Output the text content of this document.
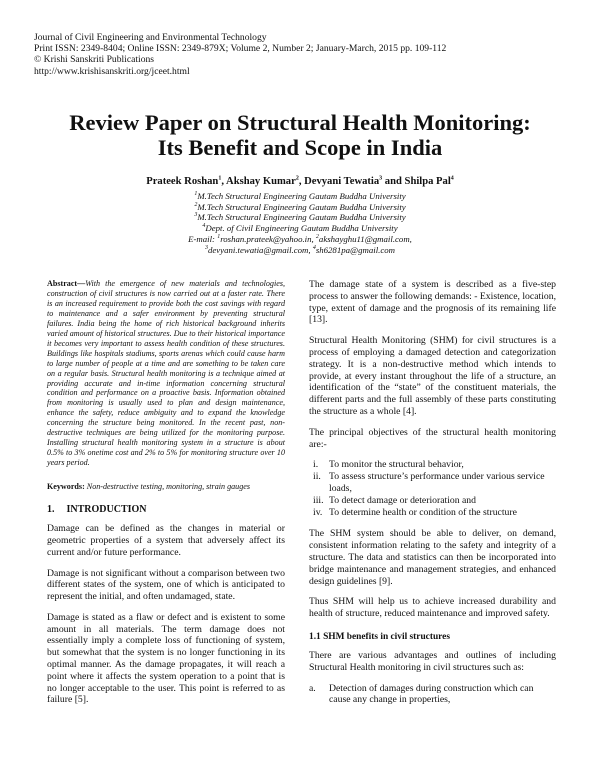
Journal of Civil Engineering and Environmental Technology
Print ISSN: 2349-8404; Online ISSN: 2349-879X; Volume 2, Number 2; January-March, 2015 pp. 109-112
© Krishi Sanskriti Publications
http://www.krishisanskriti.org/jceet.html
Review Paper on Structural Health Monitoring:
Its Benefit and Scope in India
Prateek Roshan$^1$, Akshay Kumar$^2$, Devyani Tewatia$^3$ and Shilpa Pal$^4$
$^1$M.Tech Structural Engineering Gautam Buddha University
$^2$M.Tech Structural Engineering Gautam Buddha University
$^3$M.Tech Structural Engineering Gautam Buddha University
$^4$Dept. of Civil Engineering Gautam Buddha University
E-mail: $^1$roshan.prateek@yahoo.in, $^2$akshayghu11@gmail.com,
$^3$devyani.tewatia@gmail.com, $^4$sh6281pa@gmail.com
Abstract—With the emergence of new materials and technologies, construction of civil structures is now carried out at a faster rate. There is an increased requirement to provide both the cost savings with regard to maintenance and a safer environment by preventing structural failures. India being the home of rich historical background inherits varied amount of historical structures. Due to their historical importance it becomes very important to assess health condition of these structures. Buildings like hospitals stadiums, sports arenas which could cause harm to large number of people at a time and are something to be taken care on a regular basis. Structural health monitoring is a technique aimed at providing accurate and in-time information concerning structural condition and performance on a proactive basis. Information obtained from monitoring is usually used to plan and design maintenance, enhance the safety, reduce ambiguity and to expand the knowledge concerning the structure being monitored. In the recent past, non-destructive techniques are being utilized for the monitoring purpose. Installing structural health monitoring system in a structure is about 0.5% to 3% onetime cost and 2% to 5% for monitoring structure over 10 years period.
Keywords: Non-destructive testing, monitoring, strain gauges
1. INTRODUCTION

Damage can be defined as the changes in material or geometric properties of a system that adversely affect its current and/or future performance.

Damage is not significant without a comparison between two different states of the system, one of which is anticipated to represent the initial, and often undamaged, state.

Damage is stated as a flaw or defect and is existent to some amount in all materials. The term damage does not essentially imply a complete loss of functioning of system, but somewhat that the system is no longer functioning in its optimal manner. As the damage propagates, it will reach a point where it affects the system operation to a point that is no longer acceptable to the user. This point is referred to as failure [5].

The damage state of a system is described as a five-step process to answer the following demands: - Existence, location, type, extent of damage and the prognosis of its remaining life [13].

Structural Health Monitoring (SHM) for civil structures is a process of employing a damaged detection and categorization strategy. It is a non-destructive method which intends to provide, at every instant throughout the life of a structure, an identification of the “state” of the constituent materials, the different parts and the full assembly of these parts constituting the structure as a whole [4].

The principal objectives of the structural health monitoring are:-

i.	To monitor the structural behavior,
ii. To assess structure’s performance under various service loads,
iii. To detect damage or deterioration and
iv. To determine health or condition of the structure

The SHM system should be able to deliver, on demand, consistent information relating to the safety and integrity of a structure. The data and statistics can then be incorporated into bridge maintenance and management strategies, and enhanced design guidelines [9].

Thus SHM will help us to achieve increased durability and health of structure, reduced maintenance and improved safety.

1.1 SHM benefits in civil structures

There are various advantages and outlines of including Structural Health monitoring in civil structures such as:

a. Detection of damages during construction which can cause any change in properties,
